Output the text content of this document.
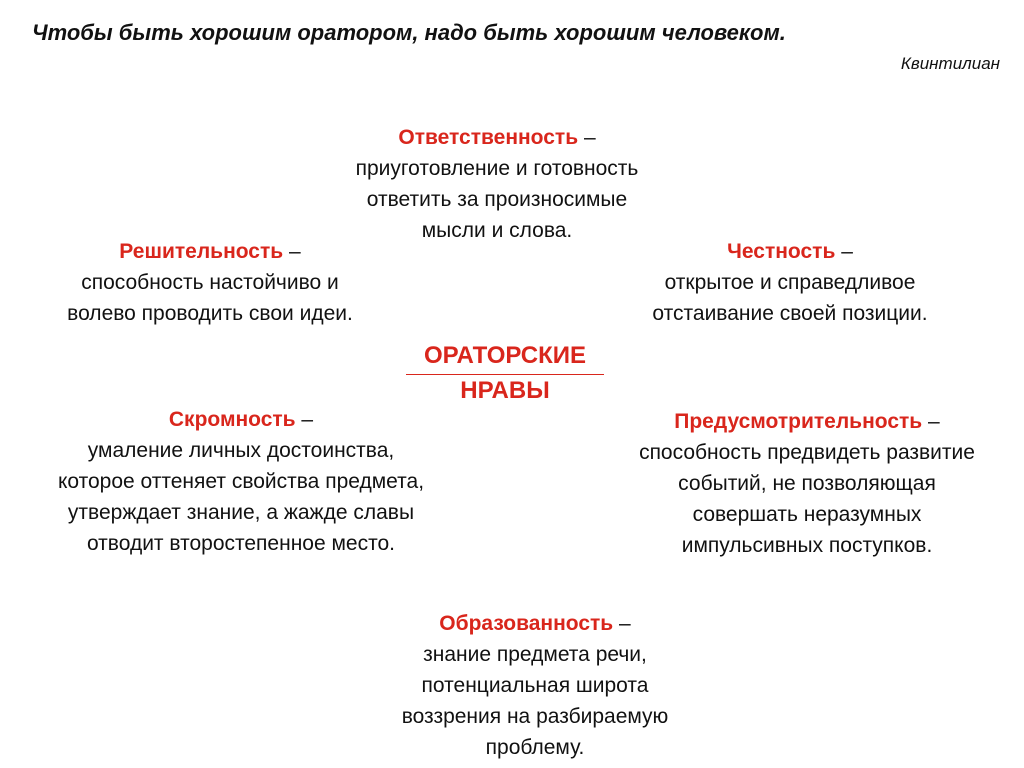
Чтобы быть хорошим оратором, надо быть хорошим человеком.
Квинтилиан
Ответственность –
приуготовление и готовность
ответить за произносимые
мысли и слова.
Решительность –
способность настойчиво и
волево проводить свои идеи.
Честность –
открытое и справедливое
отстаивание своей позиции.
ОРАТОРСКИЕ
НРАВЫ
Скромность –
умаление личных достоинства,
которое оттеняет свойства предмета,
утверждает знание, а жажде славы
отводит второстепенное место.
Предусмотрительность –
способность предвидеть развитие
событий, не позволяющая
совершать неразумных
импульсивных поступков.
Образованность –
знание предмета речи,
потенциальная широта
воззрения на разбираемую
проблему.
